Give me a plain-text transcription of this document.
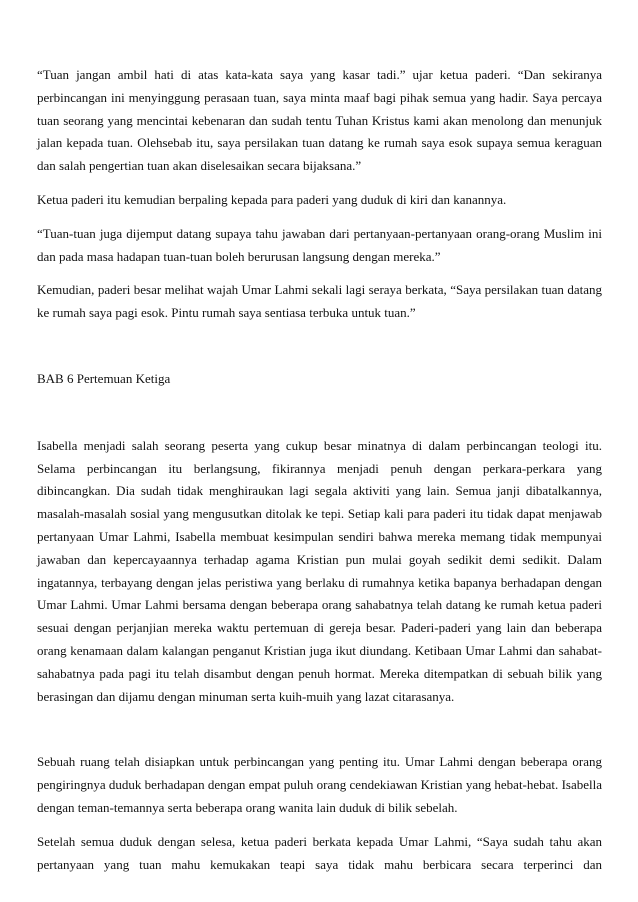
“Tuan jangan ambil hati di atas kata-kata saya yang kasar tadi.” ujar ketua paderi. “Dan sekiranya perbincangan ini menyinggung perasaan tuan, saya minta maaf bagi pihak semua yang hadir. Saya percaya tuan seorang yang mencintai kebenaran dan sudah tentu Tuhan Kristus kami akan menolong dan menunjuk jalan kepada tuan. Olehsebab itu, saya persilakan tuan datang ke rumah saya esok supaya semua keraguan dan salah pengertian tuan akan diselesaikan secara bijaksana.”

Ketua paderi itu kemudian berpaling kepada para paderi yang duduk di kiri dan kanannya.

“Tuan-tuan juga dijemput datang supaya tahu jawaban dari pertanyaan-pertanyaan orang-orang Muslim ini dan pada masa hadapan tuan-tuan boleh berurusan langsung dengan mereka.”

Kemudian, paderi besar melihat wajah Umar Lahmi sekali lagi seraya berkata, “Saya persilakan tuan datang ke rumah saya pagi esok. Pintu rumah saya sentiasa terbuka untuk tuan.”

BAB 6 Pertemuan Ketiga

Isabella menjadi salah seorang peserta yang cukup besar minatnya di dalam perbincangan teologi itu. Selama perbincangan itu berlangsung, fikirannya menjadi penuh dengan perkara-perkara yang dibincangkan. Dia sudah tidak menghiraukan lagi segala aktiviti yang lain. Semua janji dibatalkannya, masalah-masalah sosial yang mengusutkan ditolak ke tepi. Setiap kali para paderi itu tidak dapat menjawab pertanyaan Umar Lahmi, Isabella membuat kesimpulan sendiri bahwa mereka memang tidak mempunyai jawaban dan kepercayaannya terhadap agama Kristian pun mulai goyah sedikit demi sedikit. Dalam ingatannya, terbayang dengan jelas peristiwa yang berlaku di rumahnya ketika bapanya berhadapan dengan Umar Lahmi. Umar Lahmi bersama dengan beberapa orang sahabatnya telah datang ke rumah ketua paderi sesuai dengan perjanjian mereka waktu pertemuan di gereja besar. Paderi-paderi yang lain dan beberapa orang kenamaan dalam kalangan penganut Kristian juga ikut diundang. Ketibaan Umar Lahmi dan sahabat-sahabatnya pada pagi itu telah disambut dengan penuh hormat. Mereka ditempatkan di sebuah bilik yang berasingan dan dijamu dengan minuman serta kuih-muih yang lazat citarasanya.

Sebuah ruang telah disiapkan untuk perbincangan yang penting itu. Umar Lahmi dengan beberapa orang pengiringnya duduk berhadapan dengan empat puluh orang cendekiawan Kristian yang hebat-hebat. Isabella dengan teman-temannya serta beberapa orang wanita lain duduk di bilik sebelah.

Setelah semua duduk dengan selesa, ketua paderi berkata kepada Umar Lahmi, “Saya sudah tahu akan pertanyaan yang tuan mahu kemukakan teapi saya tidak mahu berbicara secara terperinci dan
